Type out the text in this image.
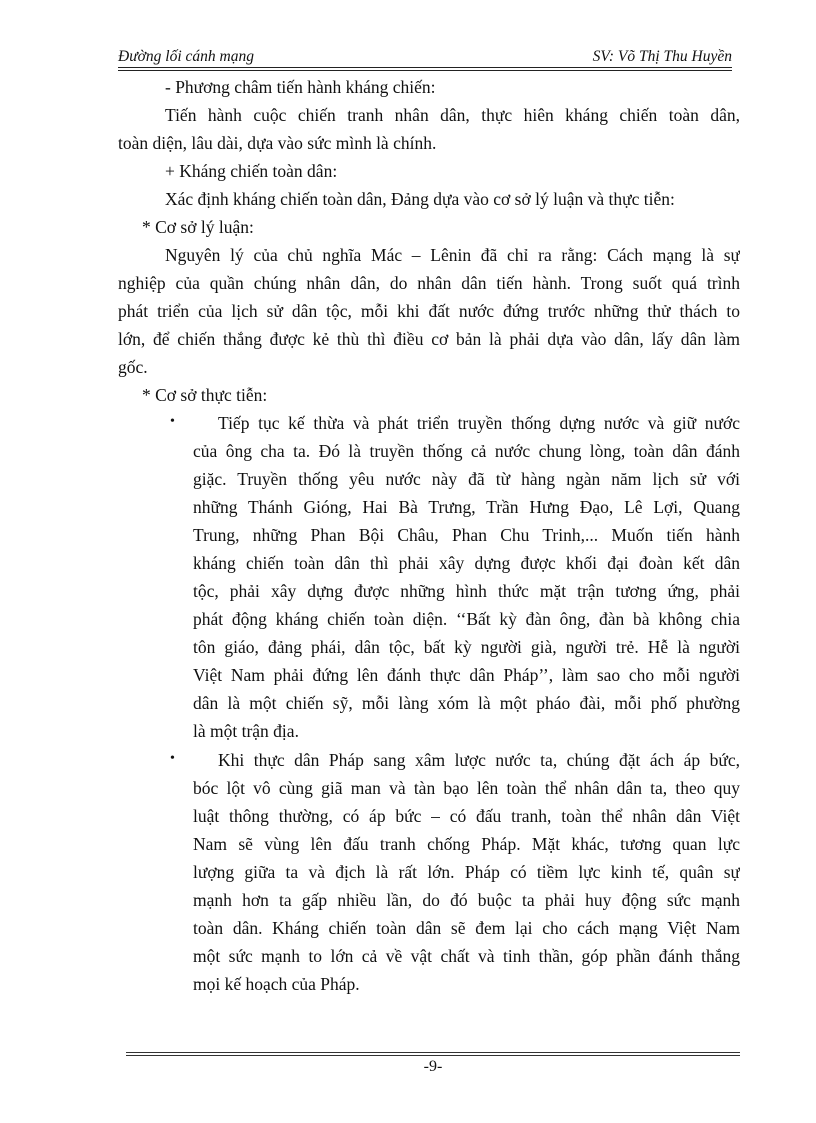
Đường lối cánh mạng	SV: Võ Thị Thu Huyền
- Phương châm tiến hành kháng chiến:
Tiến hành cuộc chiến tranh nhân dân, thực hiên kháng chiến toàn dân,
toàn diện, lâu dài, dựa vào sức mình là chính.
+ Kháng chiến toàn dân:
Xác định kháng chiến toàn dân, Đảng dựa vào cơ sở lý luận và thực tiễn:
* Cơ sở lý luận:
Nguyên lý của chủ nghĩa Mác – Lênin đã chỉ ra rằng: Cách mạng là sự
nghiệp của quần chúng nhân dân, do nhân dân tiến hành. Trong suốt quá trình
phát triển của lịch sử dân tộc, mỗi khi đất nước đứng trước những thử thách to
lớn, để chiến thắng được kẻ thù thì điều cơ bản là phải dựa vào dân, lấy dân làm
gốc.
* Cơ sở thực tiễn:
• Tiếp tục kế thừa và phát triển truyền thống dựng nước và giữ nước
của ông cha ta. Đó là truyền thống cả nước chung lòng, toàn dân đánh
giặc. Truyền thống yêu nước này đã từ hàng ngàn năm lịch sử với
những Thánh Gióng, Hai Bà Trưng, Trần Hưng Đạo, Lê Lợi, Quang
Trung, những Phan Bội Châu, Phan Chu Trinh,... Muốn tiến hành
kháng chiến toàn dân thì phải xây dựng được khối đại đoàn kết dân
tộc, phải xây dựng được những hình thức mặt trận tương ứng, phải
phát động kháng chiến toàn diện. ‘‘Bất kỳ đàn ông, đàn bà không chia
tôn giáo, đảng phái, dân tộc, bất kỳ người già, người trẻ. Hễ là người
Việt Nam phải đứng lên đánh thực dân Pháp’’, làm sao cho mỗi người
dân là một chiến sỹ, mỗi làng xóm là một pháo đài, mỗi phố phường
là một trận địa.
• Khi thực dân Pháp sang xâm lược nước ta, chúng đặt ách áp bức,
bóc lột vô cùng giã man và tàn bạo lên toàn thể nhân dân ta, theo quy
luật thông thường, có áp bức – có đấu tranh, toàn thể nhân dân Việt
Nam sẽ vùng lên đấu tranh chống Pháp. Mặt khác, tương quan lực
lượng giữa ta và địch là rất lớn. Pháp có tiềm lực kinh tế, quân sự
mạnh hơn ta gấp nhiều lần, do đó buộc ta phải huy động sức mạnh
toàn dân. Kháng chiến toàn dân sẽ đem lại cho cách mạng Việt Nam
một sức mạnh to lớn cả về vật chất và tinh thần, góp phần đánh thắng
mọi kế hoạch của Pháp.
-9-
